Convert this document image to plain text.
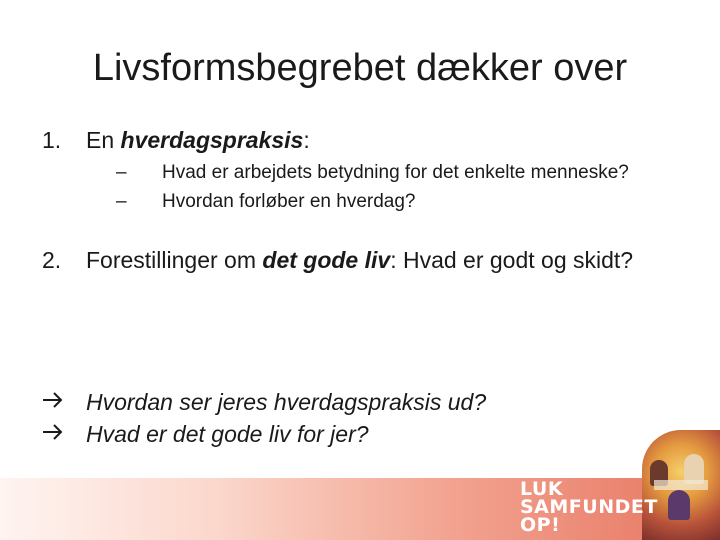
Livsformsbegrebet dækker over
1. En hverdagspraksis:
– Hvad er arbejdets betydning for det enkelte menneske?
– Hvordan forløber en hverdag?
2. Forestillinger om det gode liv: Hvad er godt og skidt?
Hvordan ser jeres hverdagspraksis ud?
Hvad er det gode liv for jer?
LUK
SAMFUNDET
OP!
